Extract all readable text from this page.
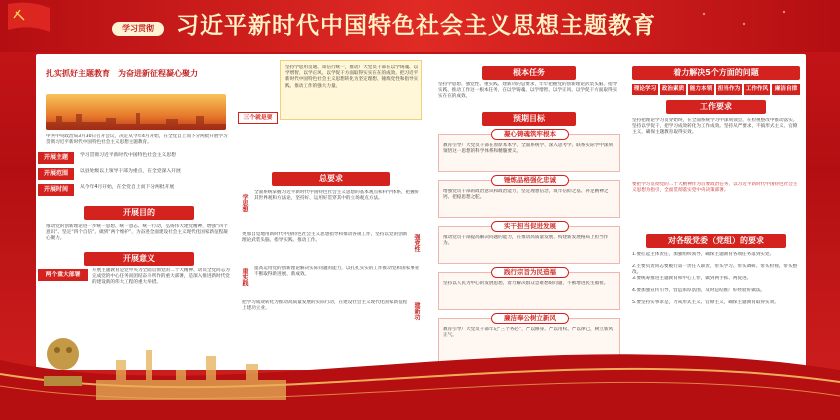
学习贯彻 习近平新时代中国特色社会主义思想主题教育
扎实抓好主题教育　为奋进新征程凝心聚力
中共中央政治局3月30日召开会议，决定从今年4月开始，在全党自上而下分两批开展学习贯彻习近平新时代中国特色社会主义思想主题教育。
开展主题	学习贯彻习近平新时代中国特色社会主义思想
开展范围	以县处级以上领导干部为重点，在全党深入开展
开展时间	从今年4月开始，在全党自上而下分两批开展
开展目的
推动党的创新理论进一步统一思想、统一意志、统一行动，弘扬伟大建党精神，增强“四个意识”、坚定“四个自信”、做到“两个维护”，为奋进全面建设社会主义现代化国家新征程凝心聚力。
开展意义
两个重大部署
开展主题教育是党中央为全面贯彻党的二十大精神、动员全党同志为完成党的中心任务而团结奋斗所作的重大部署，是深入推进新时代党的建设新的伟大工程的重大举措。
坚持学思用贯通、知信行统一，推动广大党员干部在以学铸魂、以学增智、以学正风、以学促干方面取得实实在在的成效。把习近平新时代中国特色社会主义思想转化为坚定理想、锤炼党性和指导实践、推动工作的强大力量。
三个就是要
总要求
学思想
全面系统掌握习近平新时代中国特色社会主义思想的基本观点和科学体系，把握好其世界观和方法论，坚持好、运用好贯穿其中的立场观点方法。
强党性
更加自觉地用新时代中国特色社会主义思想指导和推动各项工作，坚持以党的创新理论武装头脑、指导实践、推动工作。
重实践 提高运用党的创新理论解决实际问题的能力，以扎扎实实的工作推动党和国家事业不断取得新进展、新成效。
建新功
把学习成效转化为推动高质量发展的实际行动，在建设社会主义现代化国家新征程上建功立业。
根本任务
坚持学思想、强党性、重实践、建新功的总要求，牢牢把握党的创新理论武装头脑、指导实践、推动工作这一根本任务，在以学铸魂、以学增智、以学正风、以学促干方面取得实实在在的成效。
预期目标
凝心铸魂筑牢根本
教育引导广大党员干部在原原本本学、全面系统学、深入思考学、联系实际学中深刻领悟这一思想的科学体系和精髓要义。
锤炼品格强化忠诚
增强党员干部的政治意识和政治能力，坚定理想信念，筑牢信仰之基、补足精神之钙、把稳思想之舵。
实干担当促进发展
推动党员干部提高解决问题的能力，在推动高质量发展、构建新发展格局上担当作为。
践行宗旨为民造福
坚持以人民为中心的发展思想，着力解决群众急难愁盼问题，不断增进民生福祉。
廉洁奉公树立新风
教育引导广大党员干部牢记“三个务必”，严以修身、严以用权、严以律己，树立新风正气。
着力解决5个方面的问题
理论学习	政治素质	能力本领	担当作为	工作作风	廉洁自律
工作要求
坚持把理论学习贯穿始终，在全面系统学习中深刻领会、在检视整改中推动落实。坚持以学促干，把学习成效转化为工作成效。坚持从严要求，不搞形式主义、官僚主义，确保主题教育取得实效。
要把学习贯彻党的二十大精神作为首要政治任务，以习近平新时代中国特色社会主义思想为指引，全面贯彻落实党中央决策部署。
对各级党委（党组）的要求
1.要扛起主体责任，加强组织领导，确保主题教育各项任务落到实处。
2.主要负责同志要履行第一责任人职责，带头学习、带头调研、带头检视、带头整改。
3.要统筹推进主题教育和中心工作，做到两手抓、两促进。
4.要加强宣传引导，营造浓厚氛围，及时总结推广好经验好做法。
5.要坚持实事求是，力戒形式主义、官僚主义，确保主题教育取得实效。
